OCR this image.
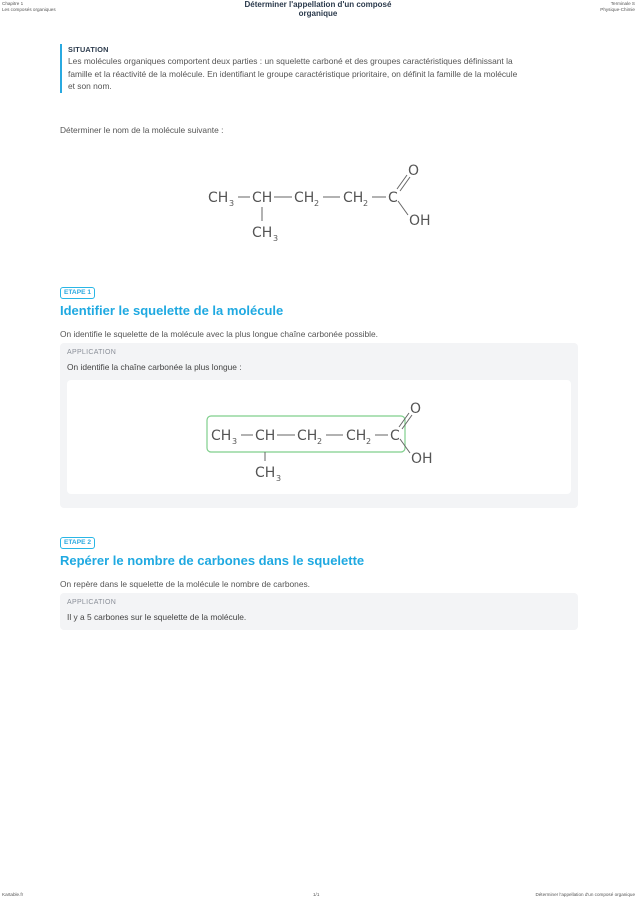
Chapitre 1
Les composés organiques
Déterminer l'appellation d'un composé
organique
Terminale S
Physique-Chimie
SITUATION
Les molécules organiques comportent deux parties : un squelette carboné et des groupes caractéristiques définissant la
famille et la réactivité de la molécule. En identifiant le groupe caractéristique prioritaire, on définit la famille de la molécule
et son nom.
Déterminer le nom de la molécule suivante :
CH 3 CH CH 2 CH 2 C
O
OH
CH 3
ETAPE 1
Identifier le squelette de la molécule
On identifie le squelette de la molécule avec la plus longue chaîne carbonée possible.
APPLICATION
On identifie la chaîne carbonée la plus longue :
CH 3 CH CH 2 CH 2 C
O
OH
CH 3
ETAPE 2
Repérer le nombre de carbones dans le squelette
On repère dans le squelette de la molécule le nombre de carbones.
APPLICATION
Il y a 5 carbones sur le squelette de la molécule.
Kartable.fr	1/1	Déterminer l'appellation d'un composé organique
